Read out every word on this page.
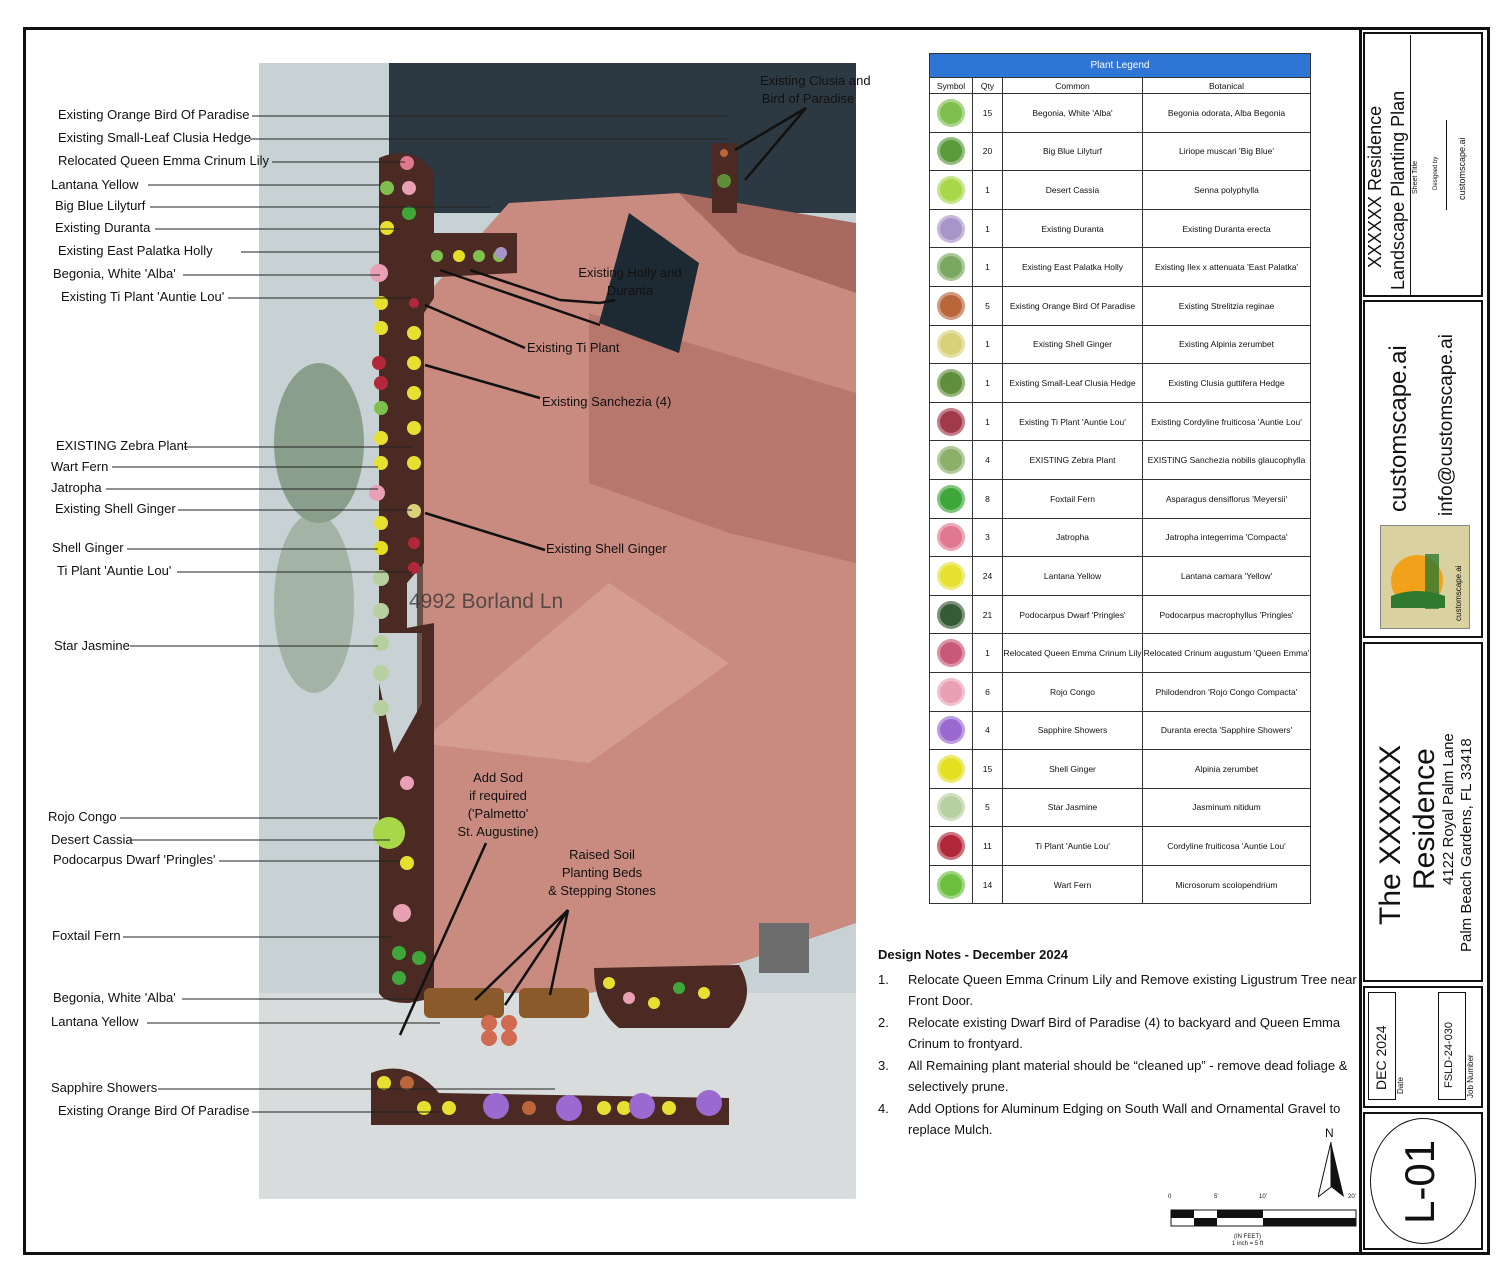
4992 Borland Ln
Existing Orange Bird Of Paradise
Existing Small-Leaf Clusia Hedge
Relocated Queen Emma Crinum Lily
Lantana Yellow
Big Blue Lilyturf
Existing Duranta
Existing East Palatka Holly
Begonia, White 'Alba'
Existing Ti Plant 'Auntie Lou'
EXISTING Zebra Plant
Wart Fern
Jatropha
Existing Shell Ginger
Shell Ginger
Ti Plant 'Auntie Lou'
Star Jasmine
Rojo Congo
Desert Cassia
Podocarpus Dwarf 'Pringles'
Foxtail Fern
Begonia, White 'Alba'
Lantana Yellow
Sapphire Showers
Existing Orange Bird Of Paradise
Existing Clusia and
Bird of Paradise
Existing Holly and
Duranta
Existing Ti Plant
Existing Sanchezia (4)
Existing Shell Ginger
Add Sod
if required
('Palmetto'
St. Augustine)
Raised Soil
Planting Beds
& Stepping Stones
Plant Legend			
Symbol	Qty	Common	Botanical
	15	Begonia, White 'Alba'	Begonia odorata, Alba Begonia
	20	Big Blue Lilyturf	Liriope muscari 'Big Blue'
	1	Desert Cassia	Senna polyphylla
	1	Existing Duranta	Existing Duranta erecta
	1	Existing East Palatka Holly	Existing Ilex x attenuata 'East Palatka'
	5	Existing Orange Bird Of Paradise	Existing Strelitzia reginae
	1	Existing Shell Ginger	Existing Alpinia zerumbet
	1	Existing Small-Leaf Clusia Hedge	Existing Clusia guttifera Hedge
	1	Existing Ti Plant 'Auntie Lou'	Existing Cordyline fruiticosa 'Auntie Lou'
	4	EXISTING Zebra Plant	EXISTING Sanchezia nobilis glaucophylla
	8	Foxtail Fern	Asparagus densiflorus 'Meyersii'
	3	Jatropha	Jatropha integerrima 'Compacta'
	24	Lantana Yellow	Lantana camara 'Yellow'
	21	Podocarpus Dwarf 'Pringles'	Podocarpus macrophyllus 'Pringles'
	1	Relocated Queen Emma Crinum Lily	Relocated Crinum augustum 'Queen Emma'
	6	Rojo Congo	Philodendron 'Rojo Congo Compacta'
	4	Sapphire Showers	Duranta erecta 'Sapphire Showers'
	15	Shell Ginger	Alpinia zerumbet
	5	Star Jasmine	Jasminum nitidum
	11	Ti Plant 'Auntie Lou'	Cordyline fruiticosa 'Auntie Lou'
	14	Wart Fern	Microsorum scolopendrium
Design Notes - December 2024
1. Relocate Queen Emma Crinum Lily and Remove existing Ligustrum Tree near Front Door.
2. Relocate existing Dwarf Bird of Paradise (4) to backyard and Queen Emma Crinum to frontyard.
3. All Remaining plant material should be “cleaned up” - remove dead foliage & selectively prune.
4. Add Options for Aluminum Edging on South Wall and Ornamental Gravel to replace Mulch.	N
0	5'	10'	20'
(IN FEET)
1 inch = 5 ft
XXXXXX Residence Landscape Planting Plan Sheet Title Designed by customscape.ai
customscape.ai info@customscape.ai
customscape.ai
The XXXXXX Residence 4122 Royal Palm Lane Palm Beach Gardens, FL 33418
DEC 2024 Date	FSLD-24-030 Job Number
L-01
